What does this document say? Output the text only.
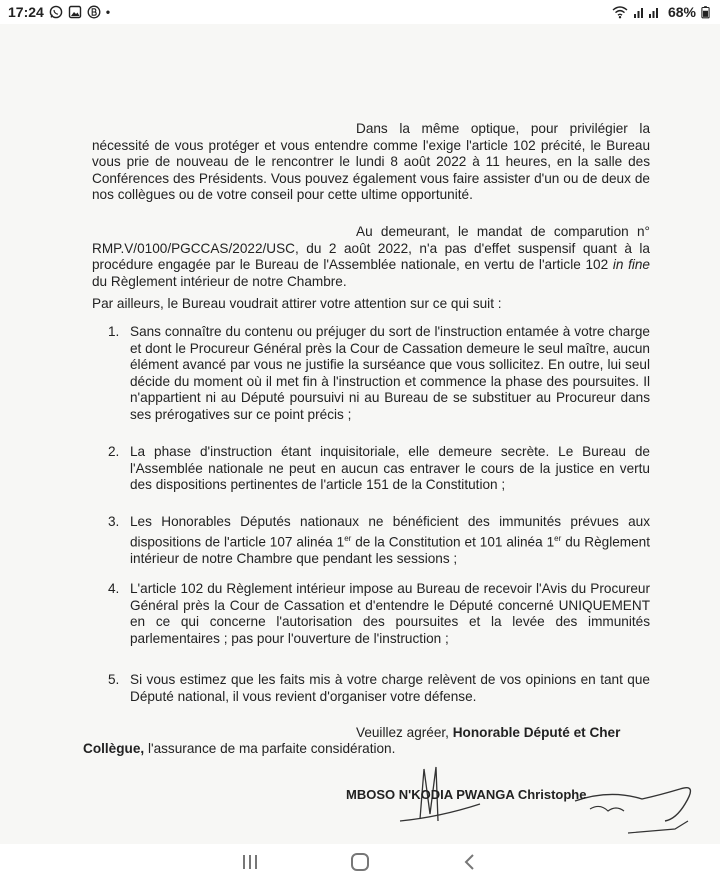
17:24	•	68%
Dans la même optique, pour privilégier la nécessité de vous protéger et vous entendre comme l'exige l'article 102 précité, le Bureau vous prie de nouveau de le rencontrer le lundi 8 août 2022 à 11 heures, en la salle des Conférences des Présidents. Vous pouvez également vous faire assister d'un ou de deux de nos collègues ou de votre conseil pour cette ultime opportunité.
Au demeurant, le mandat de comparution n° RMP.V/0100/PGCCAS/2022/USC, du 2 août 2022, n'a pas d'effet suspensif quant à la procédure engagée par le Bureau de l'Assemblée nationale, en vertu de l'article 102 in fine du Règlement intérieur de notre Chambre.
Par ailleurs, le Bureau voudrait attirer votre attention sur ce qui suit :
1. Sans connaître du contenu ou préjuger du sort de l'instruction entamée à votre charge et dont le Procureur Général près la Cour de Cassation demeure le seul maître, aucun élément avancé par vous ne justifie la surséance que vous sollicitez. En outre, lui seul décide du moment où il met fin à l'instruction et commence la phase des poursuites. Il n'appartient ni au Député poursuivi ni au Bureau de se substituer au Procureur dans ses prérogatives sur ce point précis ;
2. La phase d'instruction étant inquisitoriale, elle demeure secrète. Le Bureau de l'Assemblée nationale ne peut en aucun cas entraver le cours de la justice en vertu des dispositions pertinentes de l'article 151 de la Constitution ;
3. Les Honorables Députés nationaux ne bénéficient des immunités prévues aux dispositions de l'article 107 alinéa 1er de la Constitution et 101 alinéa 1er du Règlement intérieur de notre Chambre que pendant les sessions ;
4. L'article 102 du Règlement intérieur impose au Bureau de recevoir l'Avis du Procureur Général près la Cour de Cassation et d'entendre le Député concerné UNIQUEMENT en ce qui concerne l'autorisation des poursuites et la levée des immunités parlementaires ; pas pour l'ouverture de l'instruction ;
5. Si vous estimez que les faits mis à votre charge relèvent de vos opinions en tant que Député national, il vous revient d'organiser votre défense.
Veuillez agréer, Honorable Député et Cher
Collègue, l'assurance de ma parfaite considération.
MBOSO N'KODIA PWANGA Christophe
